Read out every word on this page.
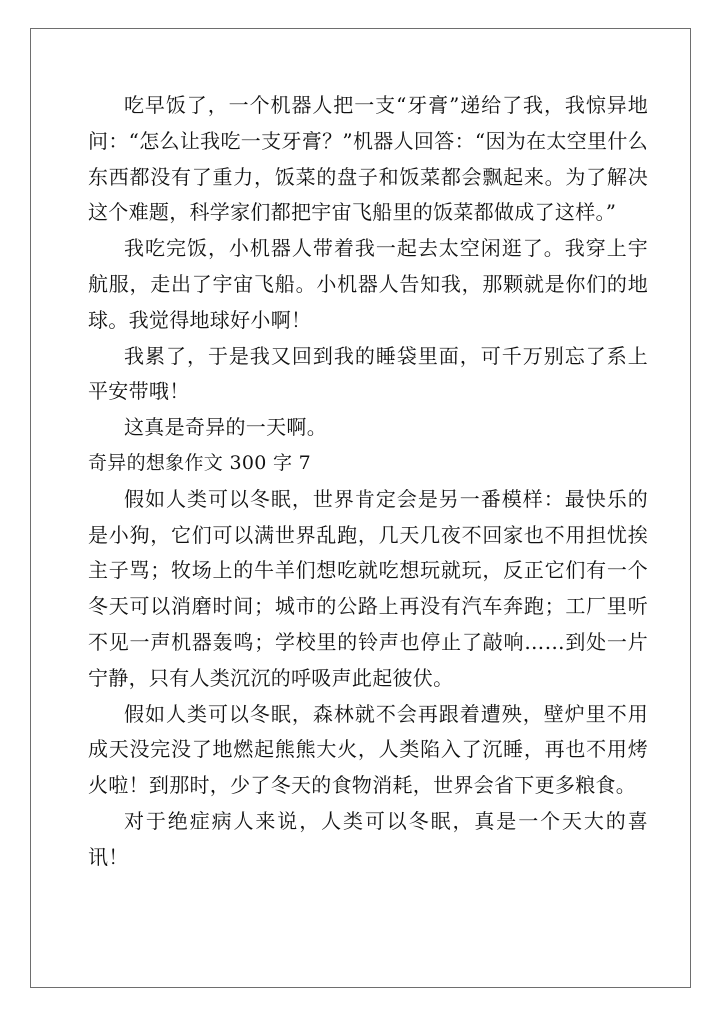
吃早饭了，一个机器人把一支“牙膏”递给了我，我惊异地问：“怎么让我吃一支牙膏？”机器人回答：“因为在太空里什么东西都没有了重力，饭菜的盘子和饭菜都会飘起来。为了解决这个难题，科学家们都把宇宙飞船里的饭菜都做成了这样。”

我吃完饭，小机器人带着我一起去太空闲逛了。我穿上宇航服，走出了宇宙飞船。小机器人告知我，那颗就是你们的地球。我觉得地球好小啊！

我累了，于是我又回到我的睡袋里面，可千万别忘了系上平安带哦！

这真是奇异的一天啊。

奇异的想象作文 300 字 7

假如人类可以冬眠，世界肯定会是另一番模样：最快乐的是小狗，它们可以满世界乱跑，几天几夜不回家也不用担忧挨主子骂；牧场上的牛羊们想吃就吃想玩就玩，反正它们有一个冬天可以消磨时间；城市的公路上再没有汽车奔跑；工厂里听不见一声机器轰鸣；学校里的铃声也停止了敲响……到处一片宁静，只有人类沉沉的呼吸声此起彼伏。

假如人类可以冬眠，森林就不会再跟着遭殃，壁炉里不用成天没完没了地燃起熊熊大火，人类陷入了沉睡，再也不用烤火啦！到那时，少了冬天的食物消耗，世界会省下更多粮食。

对于绝症病人来说，人类可以冬眠，真是一个天大的喜讯！
